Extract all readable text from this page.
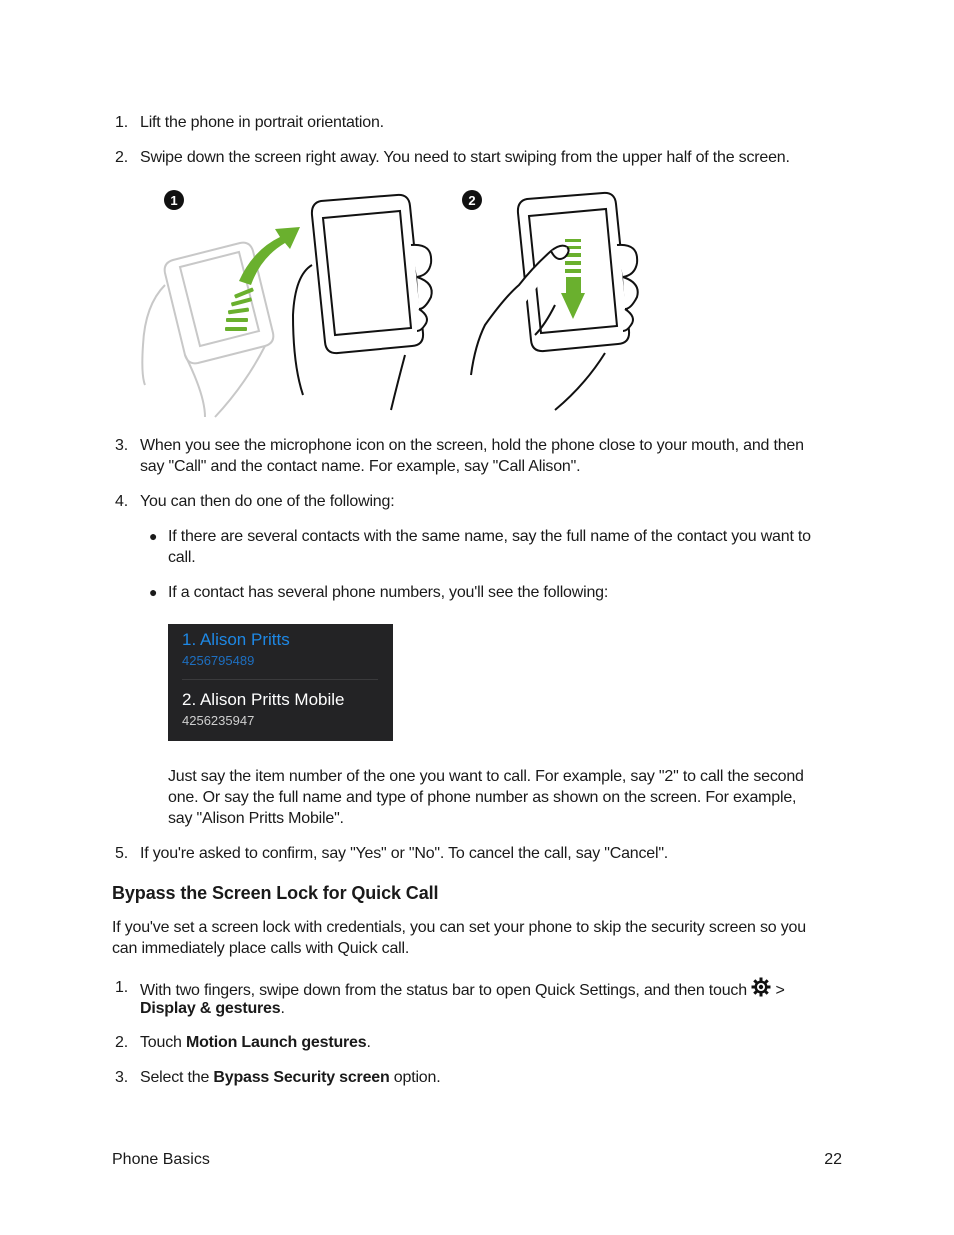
1. Lift the phone in portrait orientation.
2. Swipe down the screen right away. You need to start swiping from the upper half of the screen.
1	2
3. When you see the microphone icon on the screen, hold the phone close to your mouth, and then
say "Call" and the contact name. For example, say "Call Alison".
4. You can then do one of the following:
● If there are several contacts with the same name, say the full name of the contact you want to
call.
● If a contact has several phone numbers, you'll see the following:
1. Alison Pritts
4256795489
2. Alison Pritts Mobile
4256235947
Just say the item number of the one you want to call. For example, say "2" to call the second
one. Or say the full name and type of phone number as shown on the screen. For example,
say "Alison Pritts Mobile".
5. If you're asked to confirm, say "Yes" or "No". To cancel the call, say "Cancel".
Bypass the Screen Lock for Quick Call
If you've set a screen lock with credentials, you can set your phone to skip the security screen so you
can immediately place calls with Quick call.
1. With two fingers, swipe down from the status bar to open Quick Settings, and then touch >
Display & gestures.
2. Touch Motion Launch gestures.
3. Select the Bypass Security screen option.
Phone Basics	22
